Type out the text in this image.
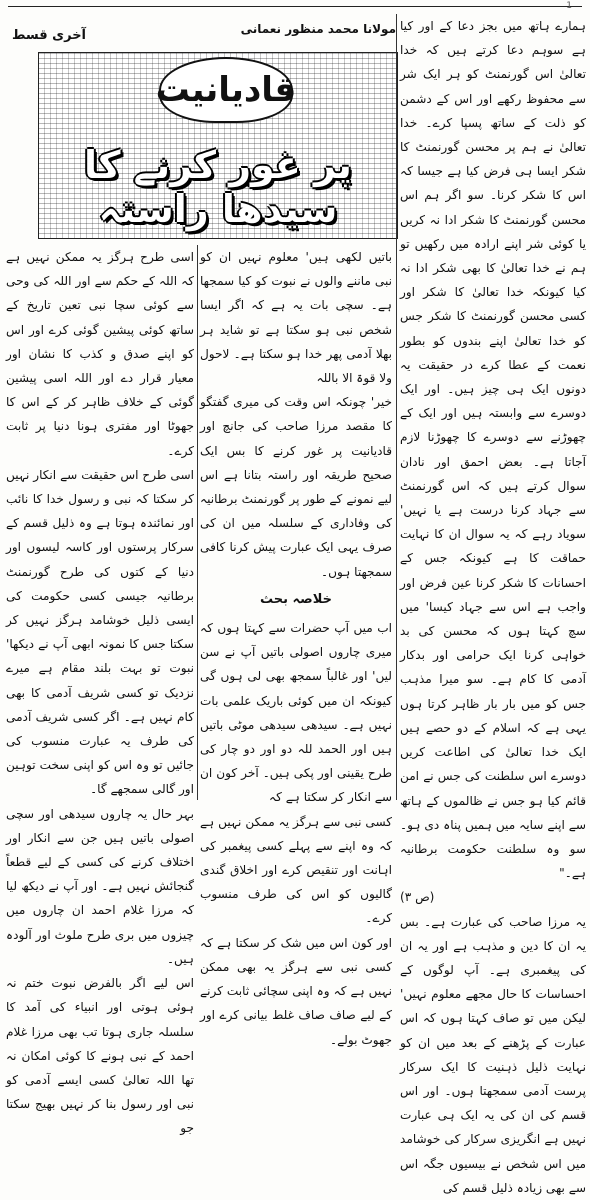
1
آخری قسط	مولانا محمد منظور نعمانی
قادیانیت
پر غور کرنے کا سیدھا راستہ

ہمارے ہاتھ میں بجز دعا کے اور کیا ہے سوہم دعا کرتے ہیں کہ خدا تعالیٰ اس گورنمنٹ کو ہر ایک شر سے محفوظ رکھے اور اس کے دشمن کو ذلت کے ساتھ پسپا کرے۔ خدا تعالیٰ نے ہم پر محسن گورنمنٹ کا شکر ایسا ہی فرض کیا ہے جیسا کہ اس کا شکر کرنا۔ سو اگر ہم اس محسن گورنمنٹ کا شکر ادا نہ کریں یا کوئی شر اپنے ارادہ میں رکھیں تو ہم نے خدا تعالیٰ کا بھی شکر ادا نہ کیا کیونکہ خدا تعالیٰ کا شکر اور کسی محسن گورنمنٹ کا شکر جس کو خدا تعالیٰ اپنے بندوں کو بطور نعمت کے عطا کرے در حقیقت یہ دونوں ایک ہی چیز ہیں۔ اور ایک دوسرے سے وابستہ ہیں اور ایک کے چھوڑنے سے دوسرے کا چھوڑنا لازم آجاتا ہے۔ بعض احمق اور نادان سوال کرتے ہیں کہ اس گورنمنٹ سے جہاد کرنا درست ہے یا نہیں' سویاد رہے کہ یہ سوال ان کا نہایت حماقت کا ہے کیونکہ جس کے احسانات کا شکر کرنا عین فرض اور واجب ہے اس سے جہاد کیسا' میں سچ کہتا ہوں کہ محسن کی بد خواہی کرنا ایک حرامی اور بدکار آدمی کا کام ہے۔ سو میرا مذہب جس کو میں بار بار ظاہر کرتا ہوں یہی ہے کہ اسلام کے دو حصے ہیں ایک خدا تعالیٰ کی اطاعت کریں دوسرے اس سلطنت کی جس نے امن قائم کیا ہو جس نے ظالموں کے ہاتھ سے اپنے سایہ میں ہمیں پناہ دی ہو۔ سو وہ سلطنت حکومت برطانیہ ہے۔"

(ص ۳)

یہ مرزا صاحب کی عبارت ہے۔ بس یہ ان کا دین و مذہب ہے اور یہ ان کی پیغمبری ہے۔ آپ لوگوں کے احساسات کا حال مجھے معلوم نہیں' لیکن میں تو صاف کہتا ہوں کہ اس عبارت کے پڑھنے کے بعد میں ان کو نہایت ذلیل ذہنیت کا ایک سرکار پرست آدمی سمجھتا ہوں۔ اور اس قسم کی ان کی یہ ایک ہی عبارت نہیں ہے انگریزی سرکار کی خوشامد میں اس شخص نے بیسیوں جگہ اس سے بھی زیادہ ذلیل قسم کی

باتیں لکھی ہیں' معلوم نہیں ان کو نبی ماننے والوں نے نبوت کو کیا سمجھا ہے۔ سچی بات یہ ہے کہ اگر ایسا شخص نبی ہو سکتا ہے تو شاید ہر بھلا آدمی پھر خدا ہو سکتا ہے۔ لاحول ولا قوۃ الا باللہ

خیر' چونکہ اس وقت کی میری گفتگو کا مقصد مرزا صاحب کی جانچ اور قادیانیت پر غور کرنے کا بس ایک صحیح طریقہ اور راستہ بتانا ہے اس لیے نمونے کے طور پر گورنمنٹ برطانیہ کی وفاداری کے سلسلہ میں ان کی صرف یہی ایک عبارت پیش کرنا کافی سمجھتا ہوں۔

خلاصہ بحث

اب میں آپ حضرات سے کہتا ہوں کہ میری چاروں اصولی باتیں آپ نے سن لیں' اور غالباً سمجھ بھی لی ہوں گی کیونکہ ان میں کوئی باریک علمی بات نہیں ہے۔ سیدھی سیدھی موٹی باتیں ہیں اور الحمد للہ دو اور دو چار کی طرح یقینی اور پکی ہیں۔ آخر کون ان سے انکار کر سکتا ہے کہ

کسی نبی سے ہرگز یہ ممکن نہیں ہے کہ وہ اپنے سے پہلے کسی پیغمبر کی اہانت اور تنقیص کرے اور اخلاق گندی گالیوں کو اس کی طرف منسوب کرے۔

اور کون اس میں شک کر سکتا ہے کہ کسی نبی سے ہرگز یہ بھی ممکن نہیں ہے کہ وہ اپنی سچائی ثابت کرنے کے لیے صاف صاف غلط بیانی کرے اور جھوٹ بولے۔

اسی طرح ہرگز یہ ممکن نہیں ہے کہ اللہ کے حکم سے اور اللہ کی وحی سے کوئی سچا نبی تعین تاریخ کے ساتھ کوئی پیشین گوئی کرے اور اس کو اپنے صدق و کذب کا نشان اور معیار قرار دے اور اللہ اسی پیشین گوئی کے خلاف ظاہر کر کے اس کا جھوٹا اور مفتری ہونا دنیا پر ثابت کرے۔

اسی طرح اس حقیقت سے انکار نہیں کر سکتا کہ نبی و رسول خدا کا نائب اور نمائندہ ہوتا ہے وہ ذلیل قسم کے سرکار پرستوں اور کاسہ لیسوں اور دنیا کے کتوں کی طرح گورنمنٹ برطانیہ جیسی کسی حکومت کی ایسی ذلیل خوشامد ہرگز نہیں کر سکتا جس کا نمونہ ابھی آپ نے دیکھا' نبوت تو بہت بلند مقام ہے میرے نزدیک تو کسی شریف آدمی کا بھی کام نہیں ہے۔ اگر کسی شریف آدمی کی طرف یہ عبارت منسوب کی جائیں تو وہ اس کو اپنی سخت توہین اور گالی سمجھے گا۔

بہر حال یہ چاروں سیدھی اور سچی اصولی باتیں ہیں جن سے انکار اور اختلاف کرنے کی کسی کے لیے قطعاً گنجائش نہیں ہے۔ اور آپ نے دیکھ لیا کہ مرزا غلام احمد ان چاروں میں چیزوں میں بری طرح ملوث اور آلودہ ہیں۔

اس لیے اگر بالفرض نبوت ختم نہ ہوئی ہوتی اور انبیاء کی آمد کا سلسلہ جاری ہوتا تب بھی مرزا غلام احمد کے نبی ہونے کا کوئی امکان نہ تھا اللہ تعالیٰ کسی ایسے آدمی کو نبی اور رسول بنا کر نہیں بھیج سکتا جو
